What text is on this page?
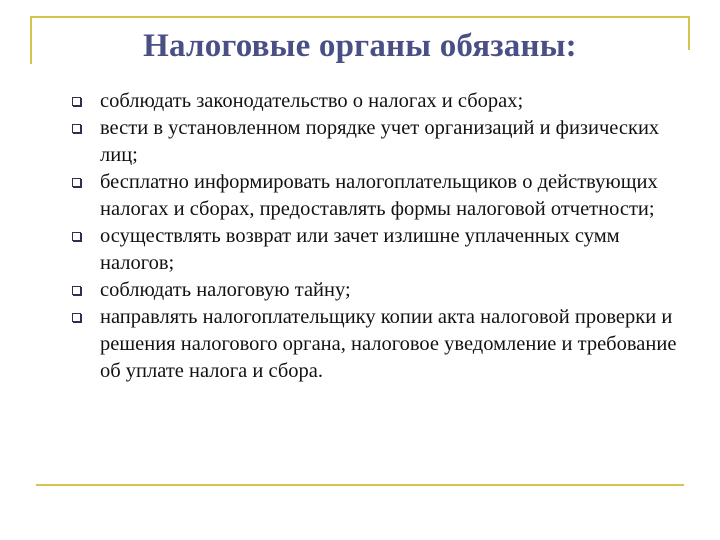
Налоговые органы обязаны:
соблюдать законодательство о налогах и сборах;
вести в установленном порядке учет организаций и физических лиц;
бесплатно информировать налогоплательщиков о действующих налогах и сборах, предоставлять формы налоговой отчетности;
осуществлять возврат или зачет излишне уплаченных сумм налогов;
соблюдать налоговую тайну;
направлять налогоплательщику копии акта налоговой проверки и решения налогового органа, налоговое уведомление и требование об уплате налога и сбора.
